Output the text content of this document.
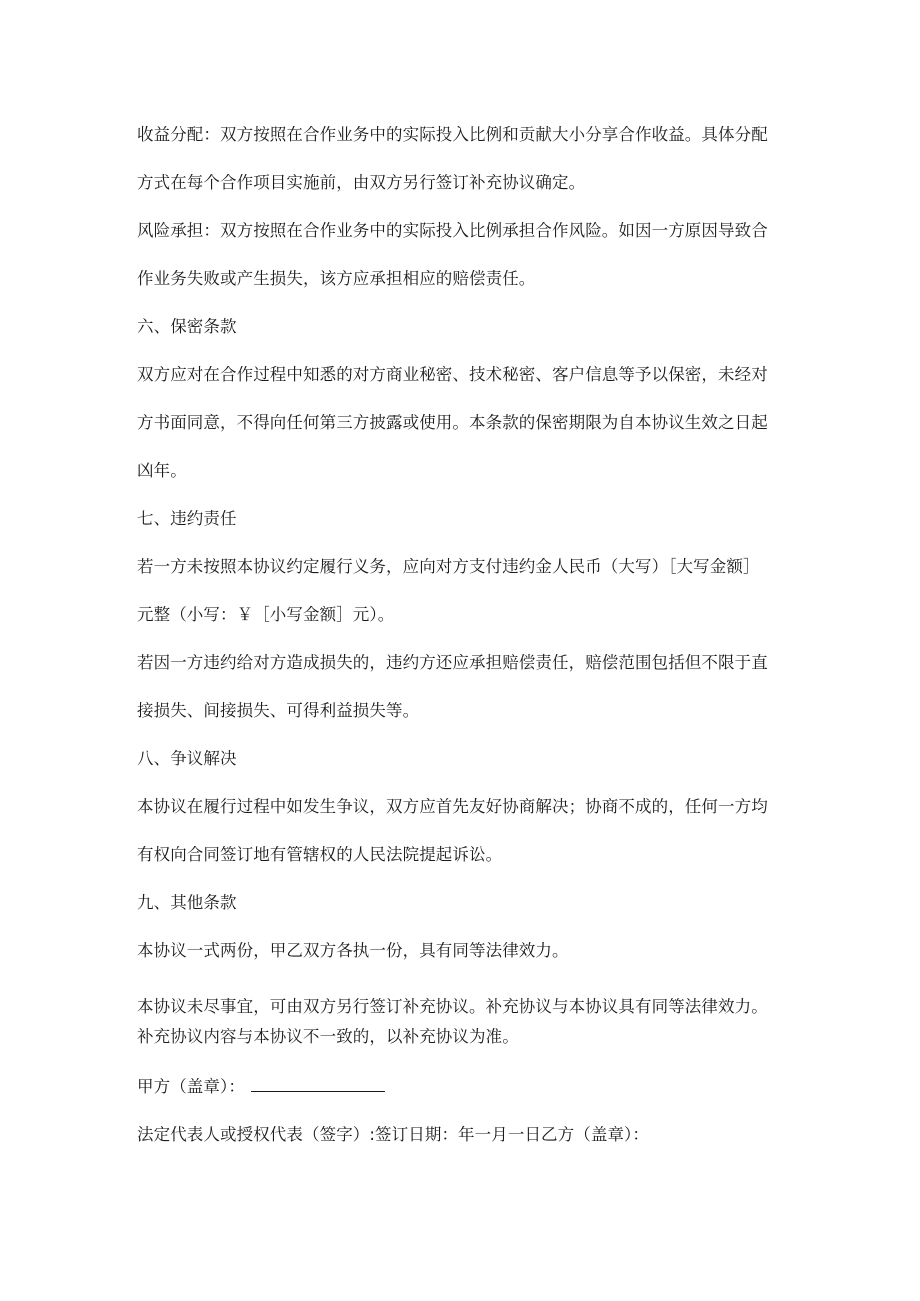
收益分配：双方按照在合作业务中的实际投入比例和贡献大小分享合作收益。具体分配
方式在每个合作项目实施前，由双方另行签订补充协议确定。
风险承担：双方按照在合作业务中的实际投入比例承担合作风险。如因一方原因导致合
作业务失败或产生损失，该方应承担相应的赔偿责任。
六、保密条款
双方应对在合作过程中知悉的对方商业秘密、技术秘密、客户信息等予以保密，未经对
方书面同意，不得向任何第三方披露或使用。本条款的保密期限为自本协议生效之日起
凶年。
七、违约责任
若一方未按照本协议约定履行义务，应向对方支付违约金人民币（大写）［大写金额］
元整（小写：￥［小写金额］元）。
若因一方违约给对方造成损失的，违约方还应承担赔偿责任，赔偿范围包括但不限于直
接损失、间接损失、可得利益损失等。
八、争议解决
本协议在履行过程中如发生争议，双方应首先友好协商解决；协商不成的，任何一方均
有权向合同签订地有管辖权的人民法院提起诉讼。
九、其他条款
本协议一式两份，甲乙双方各执一份，具有同等法律效力。
本协议未尽事宜，可由双方另行签订补充协议。补充协议与本协议具有同等法律效力。
补充协议内容与本协议不一致的，以补充协议为准。
甲方（盖章）：
法定代表人或授权代表（签字）:签订日期：年一月一日乙方（盖章）：
